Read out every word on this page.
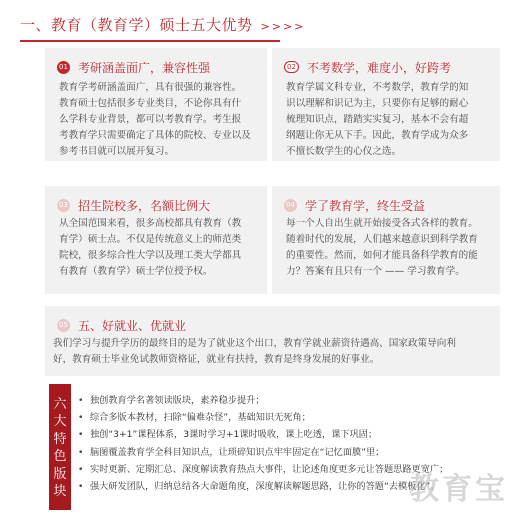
一、教育（教育学）硕士五大优势 >>>>
01 考研涵盖面广，兼容性强
教育学考研涵盖面广，具有很强的兼容性。
教育硕士包括很多专业类目，不论你具有什
么学科专业背景，都可以考教育学。考生报
考教育学只需要确定了具体的院校、专业以及
参考书目就可以展开复习。
02 不考数学，难度小，好跨考
教育学属文科专业，不考数学，教育学的知
识以理解和识记为主，只要你有足够的耐心
梳理知识点，踏踏实实复习，基本不会有超
纲题让你无从下手。因此，教育学成为众多
不擅长数学生的心仪之选。
03 招生院校多，名额比例大
从全国范围来看，很多高校都具有教育（教
育学）硕士点。不仅是传统意义上的师范类
院校，很多综合性大学以及理工类大学都具
有教育（教育学）硕士学位授予权。
04 学了教育学，终生受益
每一个人自出生就开始接受各式各样的教育。
随着时代的发展，人们越来越意识到科学教育
的重要性。然而，如何才能具备科学教育的能
力？答案有且只有一个 —— 学习教育学。
05 五、好就业、优就业
我们学习与提升学历的最终目的是为了就业这个出口，教育学就业薪资待遇高、国家政策导向利
好，教育硕士毕业免试教师资格证，就业有扶持，教育是终身发展的好事业。
六大特色版块
• 独创教育学名著领读版块，素养稳步提升；
• 综合多版本教材，扫除“偏难杂怪”，基础知识无死角；
• 独创“3+1”课程体系，3课时学习+1课时吸收，课上吃透，课下巩固；
• 脑图覆盖教育学全科目知识点，让琐碎知识点牢牢固定在“记忆面膜”里；
• 实时更新、定期汇总、深度解读教育热点大事件，让论述角度更多元让答题思路更宽广；
• 强大研发团队，归纳总结各大命题角度，深度解读解题思路，让你的答题“去模板化”。
教育宝
